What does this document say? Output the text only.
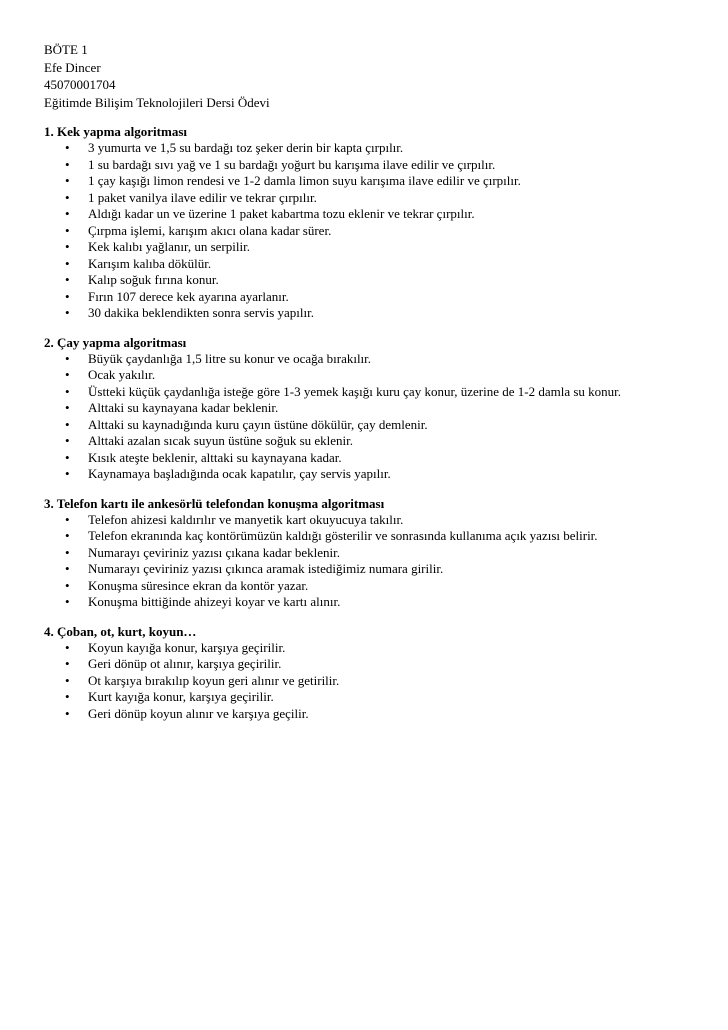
BÖTE 1
Efe Dincer
45070001704
Eğitimde Bilişim Teknolojileri Dersi Ödevi
1. Kek yapma algoritması
• 3 yumurta ve 1,5 su bardağı toz şeker derin bir kapta çırpılır.
• 1 su bardağı sıvı yağ ve 1 su bardağı yoğurt bu karışıma ilave edilir ve çırpılır.
• 1 çay kaşığı limon rendesi ve 1-2 damla limon suyu karışıma ilave edilir ve çırpılır.
• 1 paket vanilya ilave edilir ve tekrar çırpılır.
• Aldığı kadar un ve üzerine 1 paket kabartma tozu eklenir ve tekrar çırpılır.
• Çırpma işlemi, karışım akıcı olana kadar sürer.
• Kek kalıbı yağlanır, un serpilir.
• Karışım kalıba dökülür.
• Kalıp soğuk fırına konur.
• Fırın 107 derece kek ayarına ayarlanır.
• 30 dakika beklendikten sonra servis yapılır.
2. Çay yapma algoritması
• Büyük çaydanlığa 1,5 litre su konur ve ocağa bırakılır.
• Ocak yakılır.
• Üstteki küçük çaydanlığa isteğe göre 1-3 yemek kaşığı kuru çay konur, üzerine de 1-2 damla su konur.
• Alttaki su kaynayana kadar beklenir.
• Alttaki su kaynadığında kuru çayın üstüne dökülür, çay demlenir.
• Alttaki azalan sıcak suyun üstüne soğuk su eklenir.
• Kısık ateşte beklenir, alttaki su kaynayana kadar.
• Kaynamaya başladığında ocak kapatılır, çay servis yapılır.
3. Telefon kartı ile ankesörlü telefondan konuşma algoritması
• Telefon ahizesi kaldırılır ve manyetik kart okuyucuya takılır.
• Telefon ekranında kaç kontörümüzün kaldığı gösterilir ve sonrasında kullanıma açık yazısı belirir.
• Numarayı çeviriniz yazısı çıkana kadar beklenir.
• Numarayı çeviriniz yazısı çıkınca aramak istediğimiz numara girilir.
• Konuşma süresince ekran da kontör yazar.
• Konuşma bittiğinde ahizeyi koyar ve kartı alınır.
4. Çoban, ot, kurt, koyun…
• Koyun kayığa konur, karşıya geçirilir.
• Geri dönüp ot alınır, karşıya geçirilir.
• Ot karşıya bırakılıp koyun geri alınır ve getirilir.
• Kurt kayığa konur, karşıya geçirilir.
• Geri dönüp koyun alınır ve karşıya geçilir.
